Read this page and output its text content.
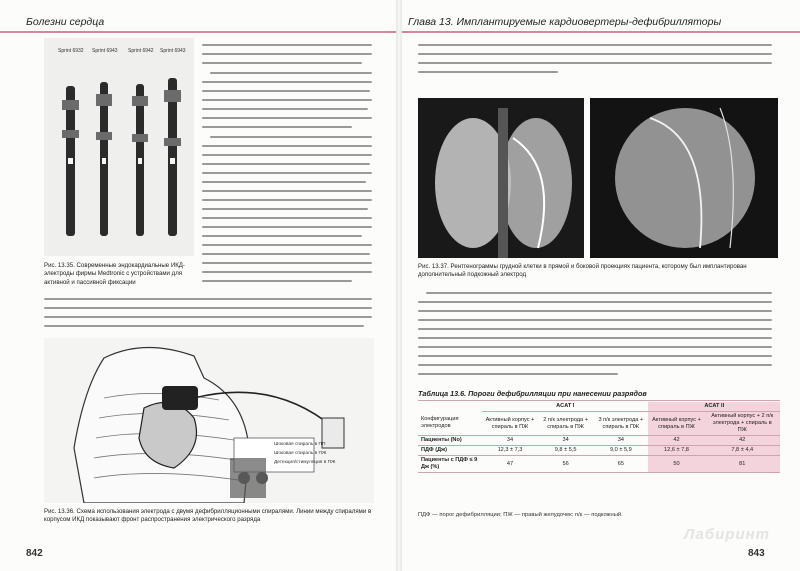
Болезни сердца
Sprint 6932 Sprint 6943 Sprint 6942 Sprint 6943
Рис. 13.35. Современные эндокардиальные ИКД-электроды фирмы Medtronic с устройствами для активной и пассивной фиксации
Шоковая спираль в ПП
Шоковая спираль в ПЖ
Детекция/стимуляция в ПЖ
Рис. 13.36. Схема использования электрода с двумя дефибрилляционными спиралями. Линии между спиралями в корпусом ИКД показывают фронт распространения электрического разряда
842
Глава 13. Имплантируемые кардиовертеры-дефибрилляторы
Рис. 13.37. Рентгенограммы грудной клетки в прямой и боковой проекциях пациента, которому был имплантирован дополнительный подкожный электрод
Таблица 13.6. Пороги дефибрилляции при нанесении разрядов
	ACAT I			ACAT II	
Конфигурация электродов	Активный корпус + спираль в ПЖ	2 п/к электрода + спираль в ПЖ	3 п/к электрода + спираль в ПЖ	Активный корпус + спираль в ПЖ	Активный корпус + 2 п/к электрода + спираль в ПЖ
Пациенты (No)	34	34	34	42	42
ПДФ (Дж)	12,3 ± 7,3	9,8 ± 5,5	9,0 ± 5,9	12,6 ± 7,8	7,8 ± 4,4
Пациенты с ПДФ ≤ 9 Дж (%)	47	56	65	50	81
ПДФ — порог дефибрилляции; ПЖ — правый желудочек; п/к — подкожный.
Лабиринт
843
